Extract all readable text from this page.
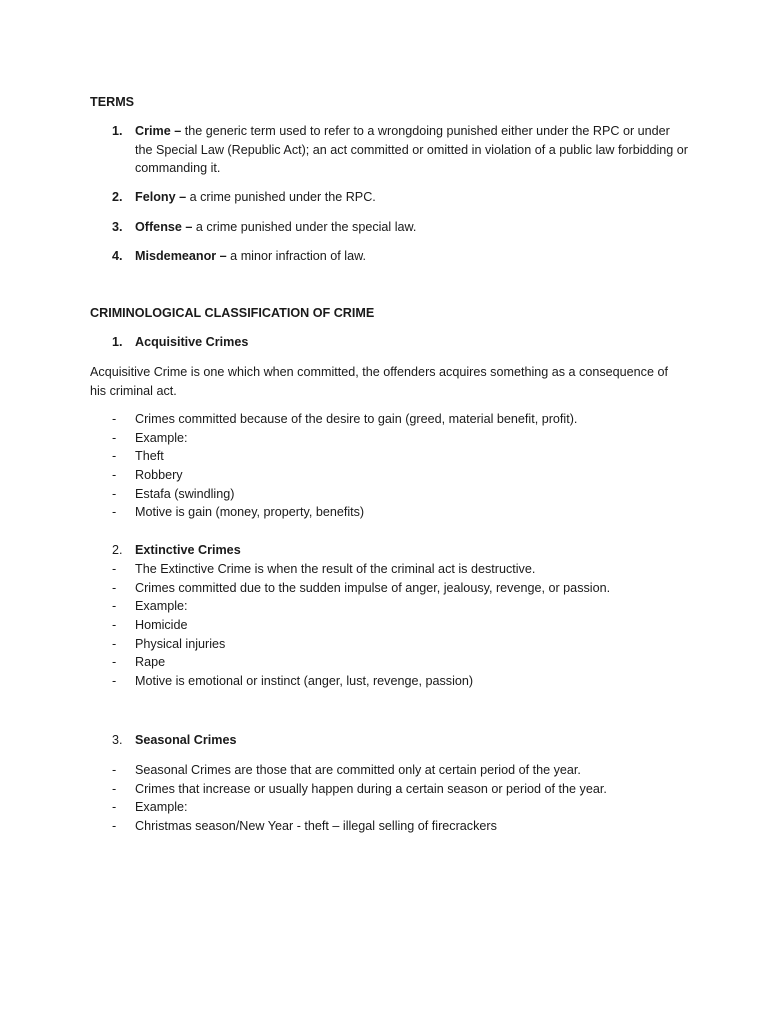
TERMS
1. Crime – the generic term used to refer to a wrongdoing punished either under the RPC or under the Special Law (Republic Act); an act committed or omitted in violation of a public law forbidding or commanding it.
2. Felony – a crime punished under the RPC.
3. Offense – a crime punished under the special law.
4. Misdemeanor – a minor infraction of law.
CRIMINOLOGICAL CLASSIFICATION OF CRIME
1. Acquisitive Crimes
Acquisitive Crime is one which when committed, the offenders acquires something as a consequence of his criminal act.
- Crimes committed because of the desire to gain (greed, material benefit, profit).
- Example:
- Theft
- Robbery
- Estafa (swindling)
- Motive is gain (money, property, benefits)
2. Extinctive Crimes
- The Extinctive Crime is when the result of the criminal act is destructive.
- Crimes committed due to the sudden impulse of anger, jealousy, revenge, or passion.
- Example:
- Homicide
- Physical injuries
- Rape
- Motive is emotional or instinct (anger, lust, revenge, passion)
3. Seasonal Crimes
- Seasonal Crimes are those that are committed only at certain period of the year.
- Crimes that increase or usually happen during a certain season or period of the year.
- Example:
- Christmas season/New Year - theft – illegal selling of firecrackers
